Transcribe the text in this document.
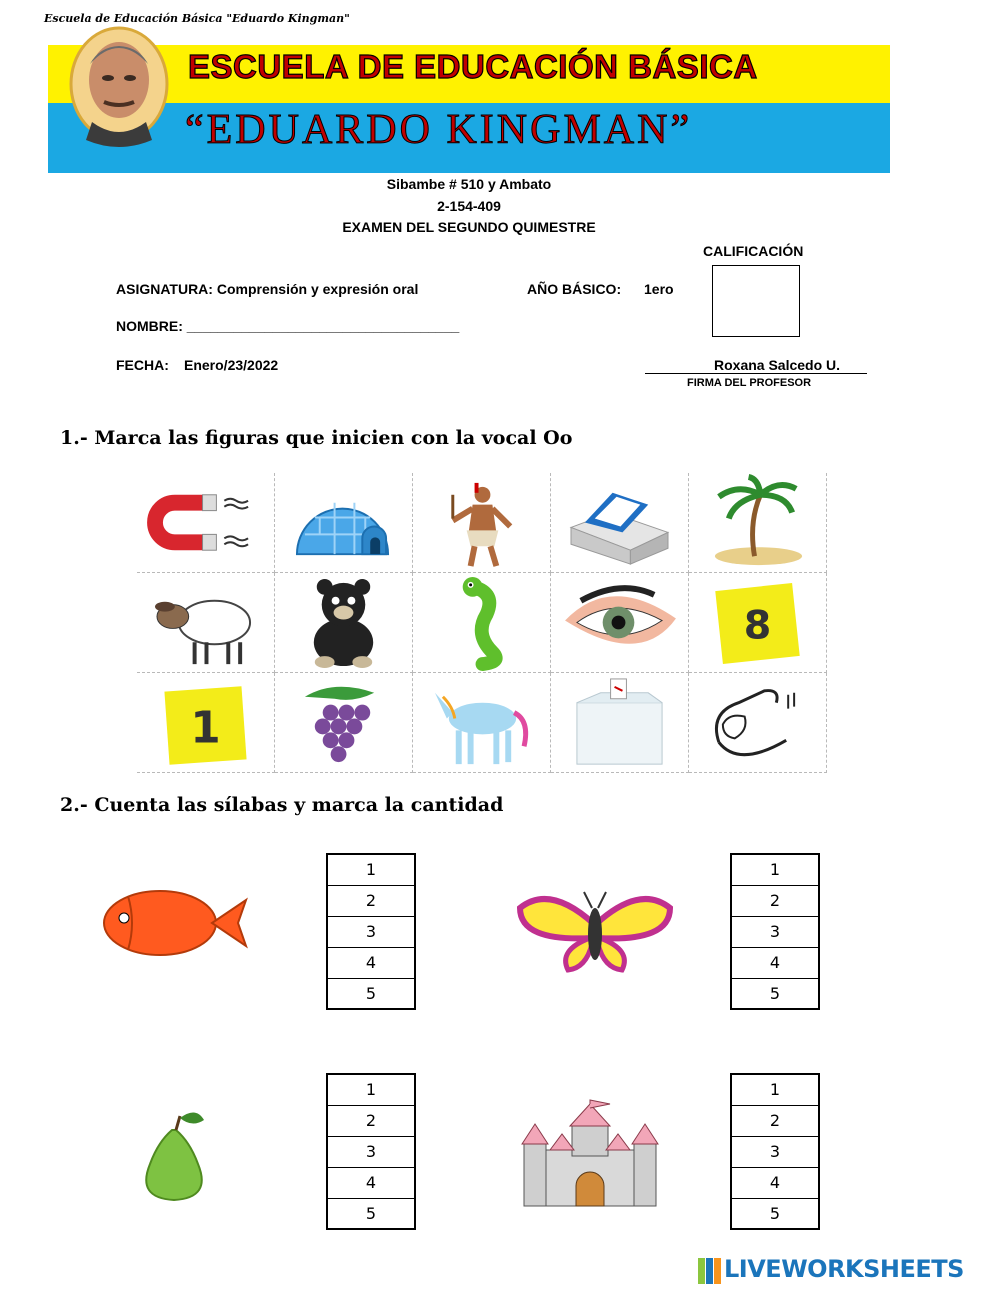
ESCUELA DE EDUCACIÓN BÁSICA
“EDUARDO KINGMAN”
Escuela de Educación Básica "Eduardo Kingman"
Sibambe # 510 y Ambato
2-154-409
EXAMEN DEL SEGUNDO QUIMESTRE
CALIFICACIÓN
ASIGNATURA: Comprensión y expresión oral	AÑO BÁSICO: 1ero
NOMBRE: ___________________________________
FECHA: Enero/23/2022	Roxana Salcedo U.
FIRMA DEL PROFESOR
1.- Marca las figuras que inicien con la vocal Oo
8
1
2.- Cuenta las sílabas y marca la cantidad
1
2
3
4
5
1
2
3
4
5
1
2
3
4
5
1
2
3
4
5
LIVEWORKSHEETS
